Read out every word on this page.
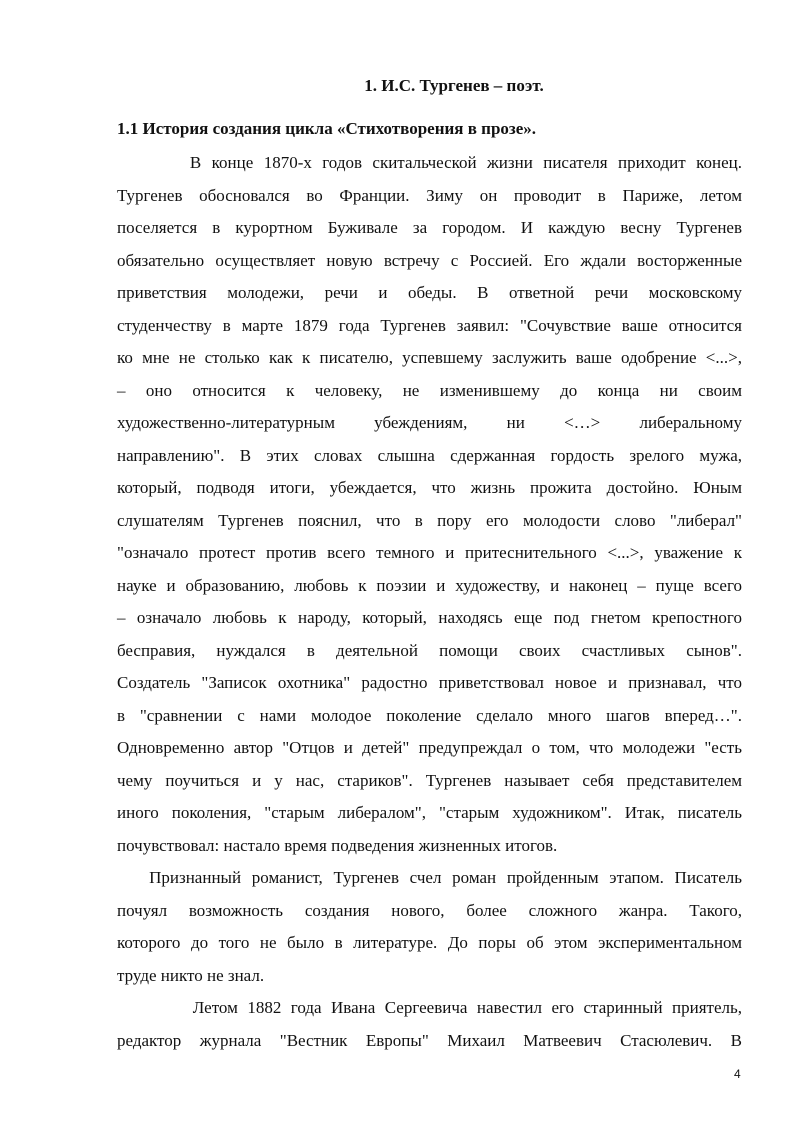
1. И.С. Тургенев – поэт.
1.1 История создания цикла «Стихотворения в прозе».
В конце 1870-х годов скитальческой жизни писателя приходит конец.
Тургенев обосновался во Франции. Зиму он проводит в Париже, летом
поселяется в курортном Буживале за городом. И каждую весну Тургенев
обязательно осуществляет новую встречу с Россией. Его ждали восторженные
приветствия молодежи, речи и обеды. В ответной речи московскому
студенчеству в марте 1879 года Тургенев заявил: "Сочувствие ваше относится
ко мне не столько как к писателю, успевшему заслужить ваше одобрение <...>,
– оно относится к человеку, не изменившему до конца ни своим
художественно-литературным убеждениям, ни <…> либеральному
направлению". В этих словах слышна сдержанная гордость зрелого мужа,
который, подводя итоги, убеждается, что жизнь прожита достойно. Юным
слушателям Тургенев пояснил, что в пору его молодости слово "либерал"
"означало протест против всего темного и притеснительного <...>, уважение к
науке и образованию, любовь к поэзии и художеству, и наконец – пуще всего
– означало любовь к народу, который, находясь еще под гнетом крепостного
бесправия, нуждался в деятельной помощи своих счастливых сынов".
Создатель "Записок охотника" радостно приветствовал новое и признавал, что
в "сравнении с нами молодое поколение сделало много шагов вперед…".
Одновременно автор "Отцов и детей" предупреждал о том, что молодежи "есть
чему поучиться и у нас, стариков". Тургенев называет себя представителем
иного поколения, "старым либералом", "старым художником". Итак, писатель
почувствовал: настало время подведения жизненных итогов.
Признанный романист, Тургенев счел роман пройденным этапом. Писатель
почуял возможность создания нового, более сложного жанра. Такого,
которого до того не было в литературе. До поры об этом экспериментальном
труде никто не знал.
Летом 1882 года Ивана Сергеевича навестил его старинный приятель,
редактор журнала "Вестник Европы" Михаил Матвеевич Стасюлевич. В
4
